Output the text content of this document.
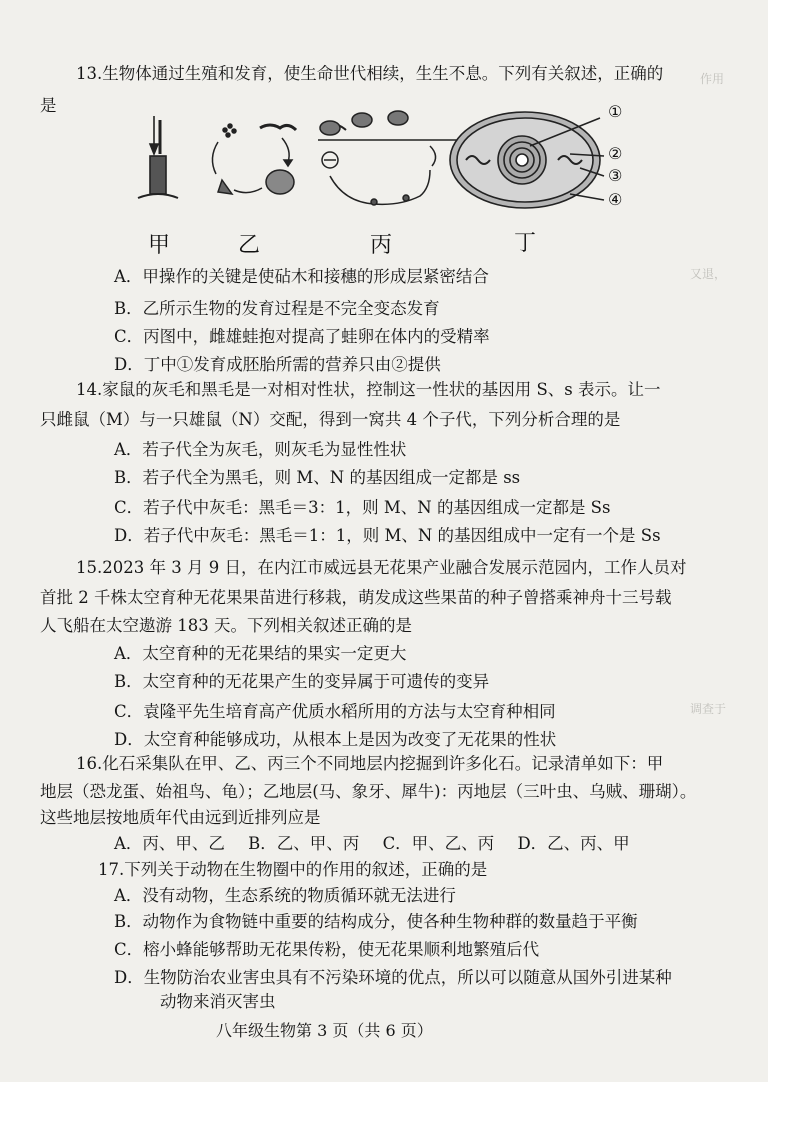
作用
又退，
调查于
13.生物体通过生殖和发育，使生命世代相续，生生不息。下列有关叙述，正确的
是	①
②
③
④
甲	乙	丙	丁
A．甲操作的关键是使砧木和接穗的形成层紧密结合
B．乙所示生物的发育过程是不完全变态发育
C．丙图中，雌雄蛙抱对提高了蛙卵在体内的受精率
D．丁中①发育成胚胎所需的营养只由②提供
14.家鼠的灰毛和黑毛是一对相对性状，控制这一性状的基因用 S、s 表示。让一
只雌鼠（M）与一只雄鼠（N）交配，得到一窝共 4 个子代，下列分析合理的是
A．若子代全为灰毛，则灰毛为显性性状
B．若子代全为黑毛，则 M、N 的基因组成一定都是 ss
C．若子代中灰毛：黑毛＝3：1，则 M、N 的基因组成一定都是 Ss
D．若子代中灰毛：黑毛＝1：1，则 M、N 的基因组成中一定有一个是 Ss
15.2023 年 3 月 9 日，在内江市威远县无花果产业融合发展示范园内，工作人员对
首批 2 千株太空育种无花果果苗进行移栽，萌发成这些果苗的种子曾搭乘神舟十三号载
人飞船在太空遨游 183 天。下列相关叙述正确的是
A．太空育种的无花果结的果实一定更大
B．太空育种的无花果产生的变异属于可遗传的变异
C．袁隆平先生培育高产优质水稻所用的方法与太空育种相同
D．太空育种能够成功，从根本上是因为改变了无花果的性状
16.化石采集队在甲、乙、丙三个不同地层内挖掘到许多化石。记录清单如下：甲
地层（恐龙蛋、始祖鸟、龟）；乙地层(马、象牙、犀牛)：丙地层（三叶虫、乌贼、珊瑚）。
这些地层按地质年代由远到近排列应是
A．丙、甲、乙 B．乙、甲、丙 C．甲、乙、丙 D．乙、丙、甲
17.下列关于动物在生物圈中的作用的叙述，正确的是
A．没有动物，生态系统的物质循环就无法进行
B．动物作为食物链中重要的结构成分，使各种生物种群的数量趋于平衡
C．榕小蜂能够帮助无花果传粉，使无花果顺利地繁殖后代
D．生物防治农业害虫具有不污染环境的优点，所以可以随意从国外引进某种
动物来消灭害虫
八年级生物第 3 页（共 6 页）
